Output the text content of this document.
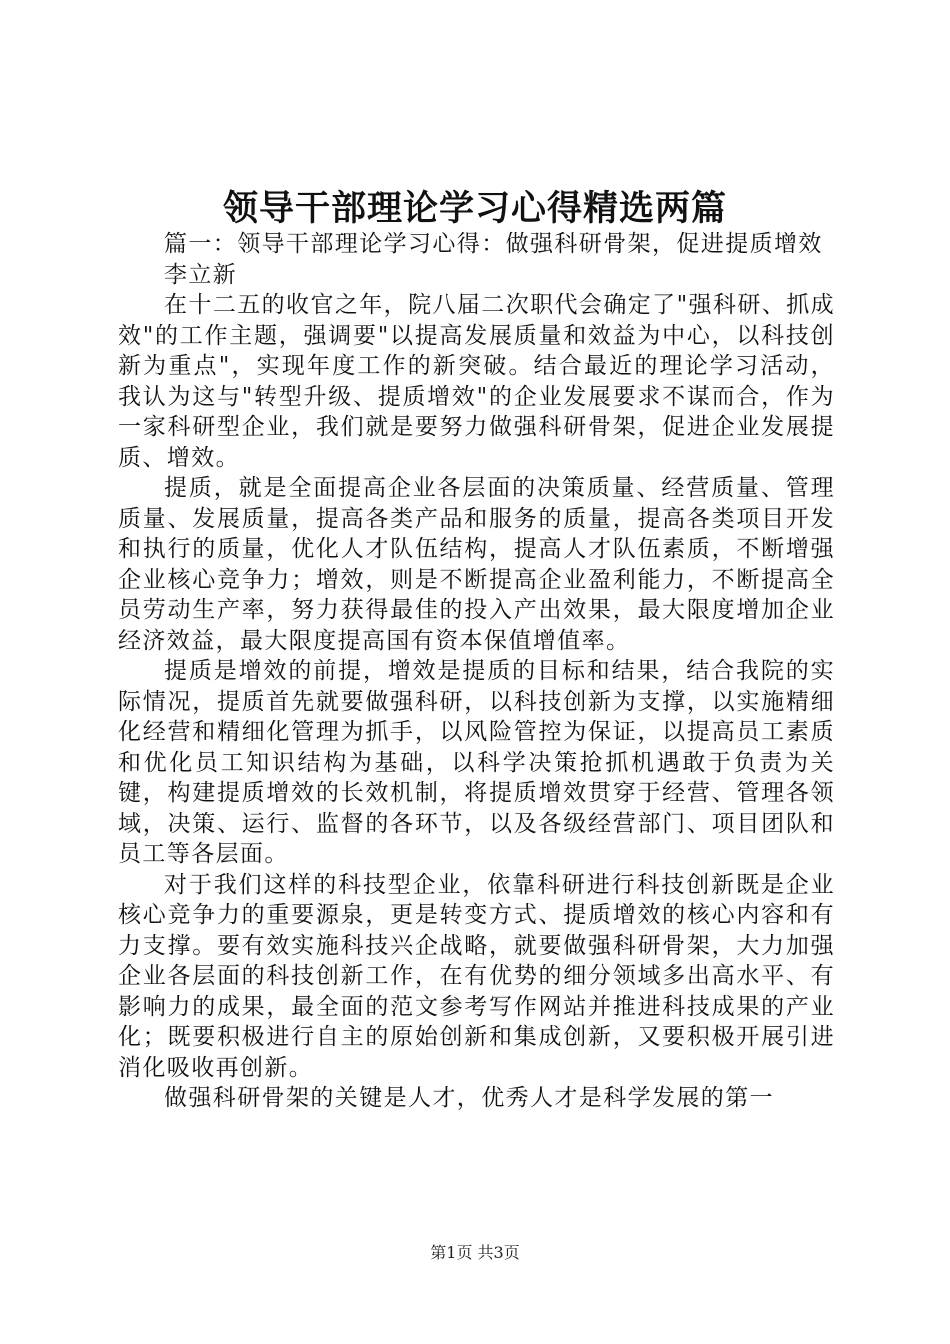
领导干部理论学习心得精选两篇

篇一：领导干部理论学习心得：做强科研骨架，促进提质增效

李立新

在十二五的收官之年，院八届二次职代会确定了"强科研、抓成效"的工作主题，强调要"以提高发展质量和效益为中心，以科技创新为重点"，实现年度工作的新突破。结合最近的理论学习活动，我认为这与"转型升级、提质增效"的企业发展要求不谋而合，作为一家科研型企业，我们就是要努力做强科研骨架，促进企业发展提质、增效。

提质，就是全面提高企业各层面的决策质量、经营质量、管理质量、发展质量，提高各类产品和服务的质量，提高各类项目开发和执行的质量，优化人才队伍结构，提高人才队伍素质，不断增强企业核心竞争力；增效，则是不断提高企业盈利能力，不断提高全员劳动生产率，努力获得最佳的投入产出效果，最大限度增加企业经济效益，最大限度提高国有资本保值增值率。

提质是增效的前提，增效是提质的目标和结果，结合我院的实际情况，提质首先就要做强科研，以科技创新为支撑，以实施精细化经营和精细化管理为抓手，以风险管控为保证，以提高员工素质和优化员工知识结构为基础，以科学决策抢抓机遇敢于负责为关键，构建提质增效的长效机制，将提质增效贯穿于经营、管理各领域，决策、运行、监督的各环节，以及各级经营部门、项目团队和员工等各层面。

对于我们这样的科技型企业，依靠科研进行科技创新既是企业核心竞争力的重要源泉，更是转变方式、提质增效的核心内容和有力支撑。要有效实施科技兴企战略，就要做强科研骨架，大力加强企业各层面的科技创新工作，在有优势的细分领域多出高水平、有影响力的成果，最全面的范文参考写作网站并推进科技成果的产业化；既要积极进行自主的原始创新和集成创新，又要积极开展引进消化吸收再创新。

做强科研骨架的关键是人才，优秀人才是科学发展的第一

第1页 共3页
